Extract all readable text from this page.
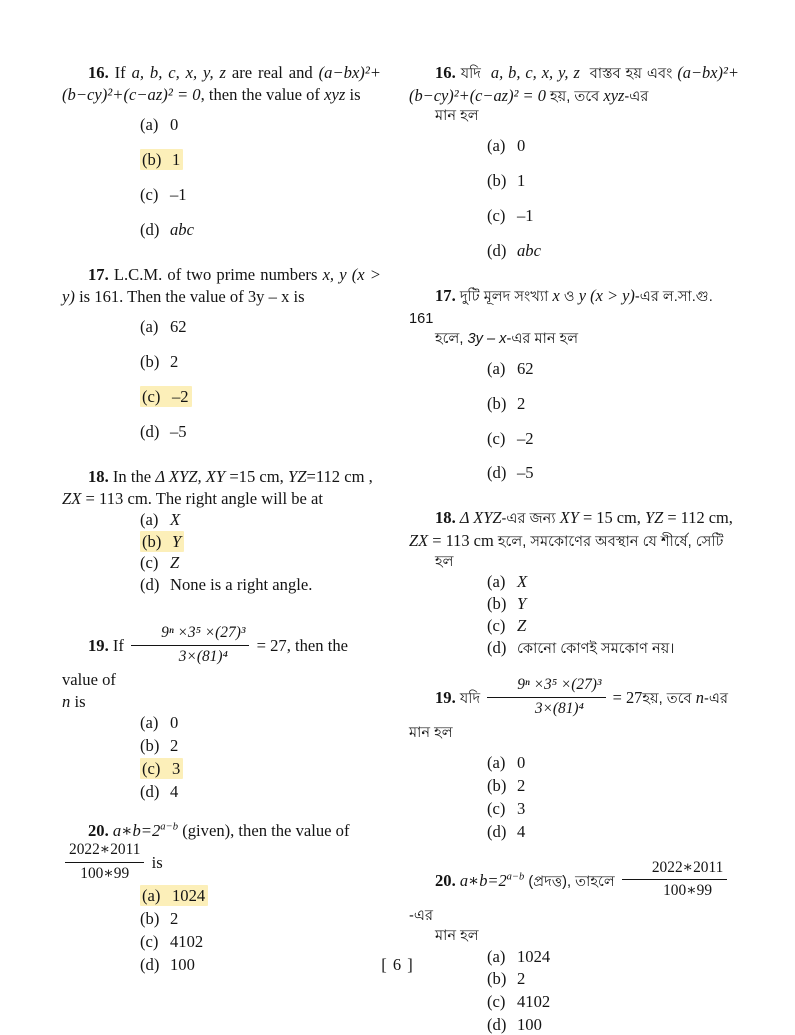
16. If a, b, c, x, y, z are real and (a−bx)²+(b−cy)²+(c−az)² = 0, then the value of xyz is

(a) 0
(b) 1
(c) –1
(d) abc

17. L.C.M. of two prime numbers x, y (x > y) is 161. Then the value of 3y – x is

(a) 62
(b) 2
(c) –2
(d) –5

18. In the Δ XYZ, XY =15 cm, YZ=112 cm , ZX = 113 cm. The right angle will be at

(a) X
(b) Y
(c) Z
(d) None is a right angle.

19. If $\frac{\text{9ⁿ ×3⁵ ×(27)³}}{\text{3×(81)⁴}} = 27$, then the value of

n is

(a) 0
(b) 2
(c) 3
(d) 4

20. $a∗b=2^{a-b}$ (given), then the value of

$\frac{2022∗2011}{100∗99}$ is

(a) 1024
(b) 2
(c) 4102
(d) 100

16. যদি a, b, c, x, y, z বাস্তব হয় এবং (a−bx)²+(b−cy)²+(c−az)² = 0 হয়, তবে xyz-এর
মান হল

(a) 0
(b) 1
(c) –1
(d) abc

17. দুটি মূলদ সংখ্যা x ও y (x > y)-এর ল.সা.গু. 161
হলে, 3y – x-এর মান হল

(a) 62
(b) 2
(c) –2
(d) –5

18. Δ XYZ-এর জন্য XY = 15 cm, YZ = 112 cm, ZX = 113 cm হলে, সমকোণের অবস্থান যে শীর্ষে, সেটি
হল

(a) X
(b) Y
(c) Z
(d) কোনো কোণই সমকোণ নয়।

19. যদি $\frac{\text{9ⁿ ×3⁵ ×(27)³}}{\text{3×(81)⁴}}$ = 27হয়, তবে n-এর মান হল

(a) 0
(b) 2
(c) 3
(d) 4

20. $a∗b=2^{a-b}$ (প্রদত্ত), তাহলে $\frac{2022∗2011}{100∗99}$
-এর
মান হল

(a) 1024
(b) 2
(c) 4102
(d) 100
[ 6 ]
